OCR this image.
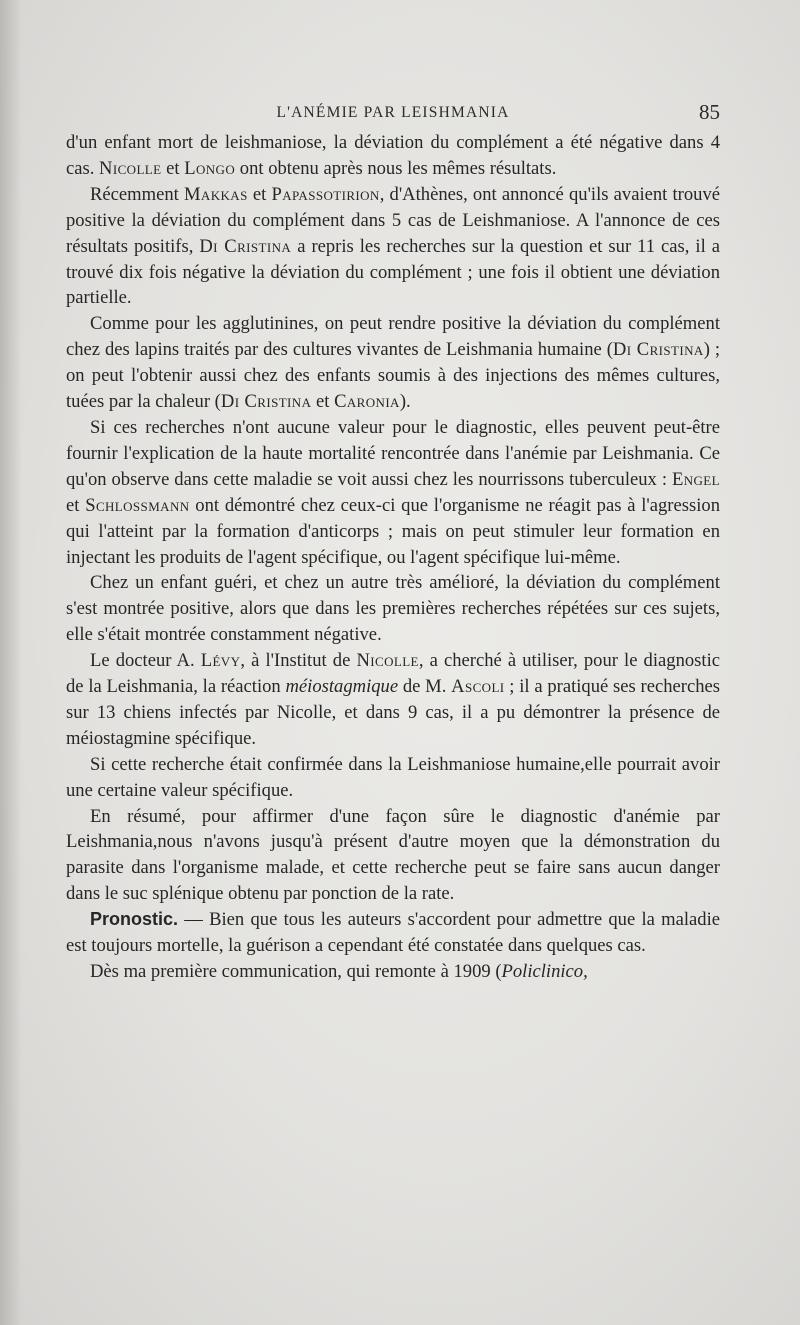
L'ANÉMIE PAR LEISHMANIA	85

d'un enfant mort de leishmaniose, la déviation du complément a été négative dans 4 cas. Nicolle et Longo ont obtenu après nous les mêmes résultats.

Récemment Makkas et Papassotirion, d'Athènes, ont annoncé qu'ils avaient trouvé positive la déviation du complément dans 5 cas de Leishmaniose. A l'annonce de ces résultats positifs, Di Cristina a repris les recherches sur la question et sur 11 cas, il a trouvé dix fois négative la déviation du complément ; une fois il obtient une déviation partielle.

Comme pour les agglutinines, on peut rendre positive la déviation du complément chez des lapins traités par des cultures vivantes de Leishmania humaine (Di Cristina) ; on peut l'obtenir aussi chez des enfants soumis à des injections des mêmes cultures, tuées par la chaleur (Di Cristina et Caronia).

Si ces recherches n'ont aucune valeur pour le diagnostic, elles peuvent peut-être fournir l'explication de la haute mortalité rencontrée dans l'anémie par Leishmania. Ce qu'on observe dans cette maladie se voit aussi chez les nourrissons tuberculeux : Engel et Schlossmann ont démontré chez ceux-ci que l'organisme ne réagit pas à l'agression qui l'atteint par la formation d'anticorps ; mais on peut stimuler leur formation en injectant les produits de l'agent spécifique, ou l'agent spécifique lui-même.

Chez un enfant guéri, et chez un autre très amélioré, la déviation du complément s'est montrée positive, alors que dans les premières recherches répétées sur ces sujets, elle s'était montrée constamment négative.

Le docteur A. Lévy, à l'Institut de Nicolle, a cherché à utiliser, pour le diagnostic de la Leishmania, la réaction méiostagmique de M. Ascoli ; il a pratiqué ses recherches sur 13 chiens infectés par Nicolle, et dans 9 cas, il a pu démontrer la présence de méiostagmine spécifique.

Si cette recherche était confirmée dans la Leishmaniose humaine,elle pourrait avoir une certaine valeur spécifique.

En résumé, pour affirmer d'une façon sûre le diagnostic d'anémie par Leishmania,nous n'avons jusqu'à présent d'autre moyen que la démonstration du parasite dans l'organisme malade, et cette recherche peut se faire sans aucun danger dans le suc splénique obtenu par ponction de la rate.

Pronostic. — Bien que tous les auteurs s'accordent pour admettre que la maladie est toujours mortelle, la guérison a cependant été constatée dans quelques cas.

Dès ma première communication, qui remonte à 1909 (Policlinico,
